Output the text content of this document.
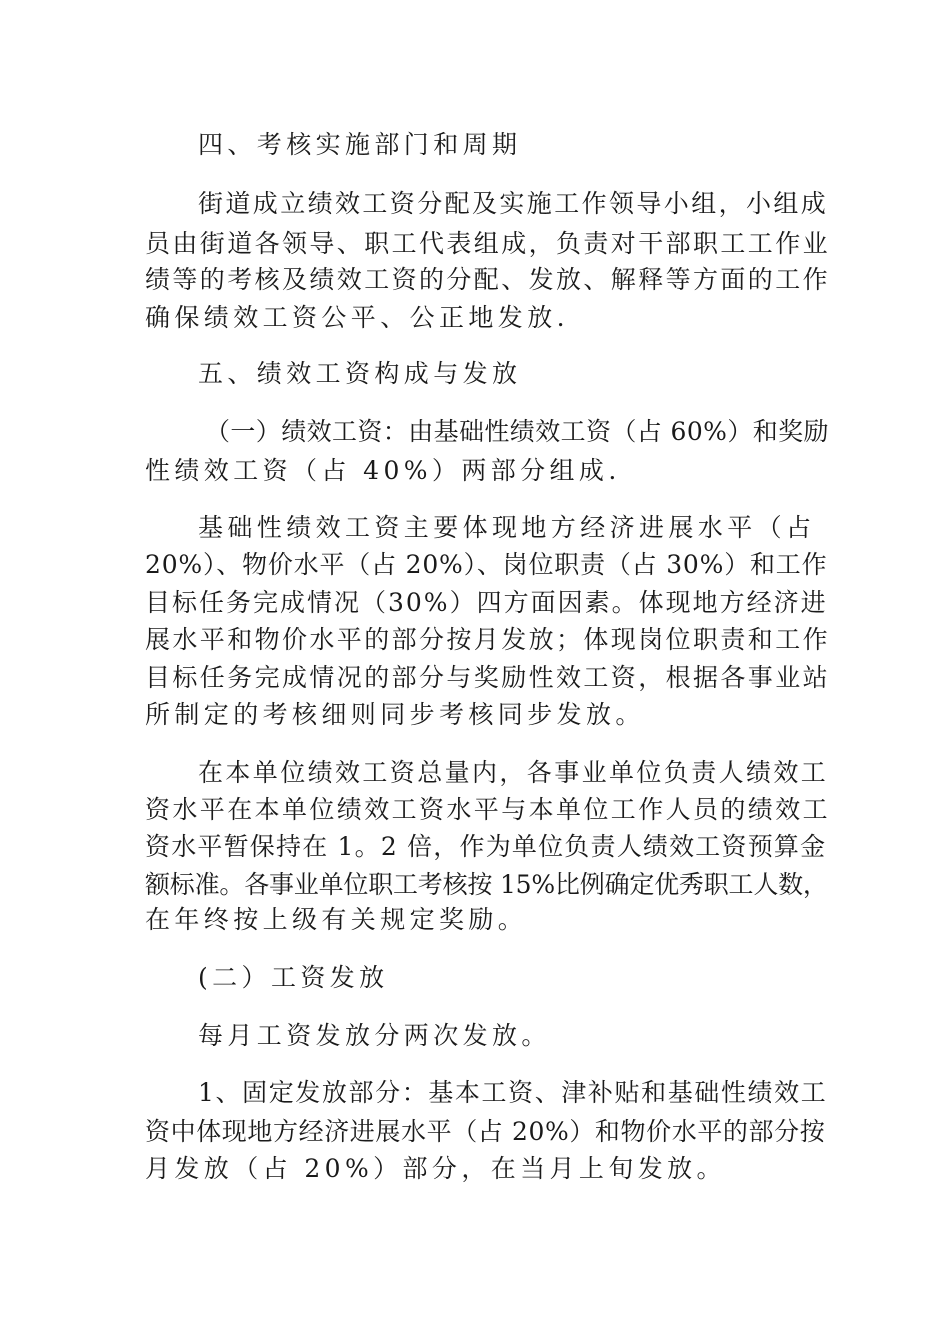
四、考核实施部门和周期
街道成立绩效工资分配及实施工作领导小组，小组成
员由街道各领导、职工代表组成，负责对干部职工工作业
绩等的考核及绩效工资的分配、发放、解释等方面的工作
确保绩效工资公平、公正地发放.
五、绩效工资构成与发放
（一）绩效工资：由基础性绩效工资（占 60%）和奖励
性绩效工资（占 40%）两部分组成.
基础性绩效工资主要体现地方经济进展水平（占
20%）、物价水平（占 20%）、岗位职责（占 30%）和工作
目标任务完成情况（30%）四方面因素。体现地方经济进
展水平和物价水平的部分按月发放；体现岗位职责和工作
目标任务完成情况的部分与奖励性效工资，根据各事业站
所制定的考核细则同步考核同步发放。
在本单位绩效工资总量内，各事业单位负责人绩效工
资水平在本单位绩效工资水平与本单位工作人员的绩效工
资水平暂保持在 1。2 倍，作为单位负责人绩效工资预算金
额标准。各事业单位职工考核按 15%比例确定优秀职工人数，
在年终按上级有关规定奖励。
(二）工资发放
每月工资发放分两次发放。
1、固定发放部分：基本工资、津补贴和基础性绩效工
资中体现地方经济进展水平（占 20%）和物价水平的部分按
月发放（占 20%）部分，在当月上旬发放。
